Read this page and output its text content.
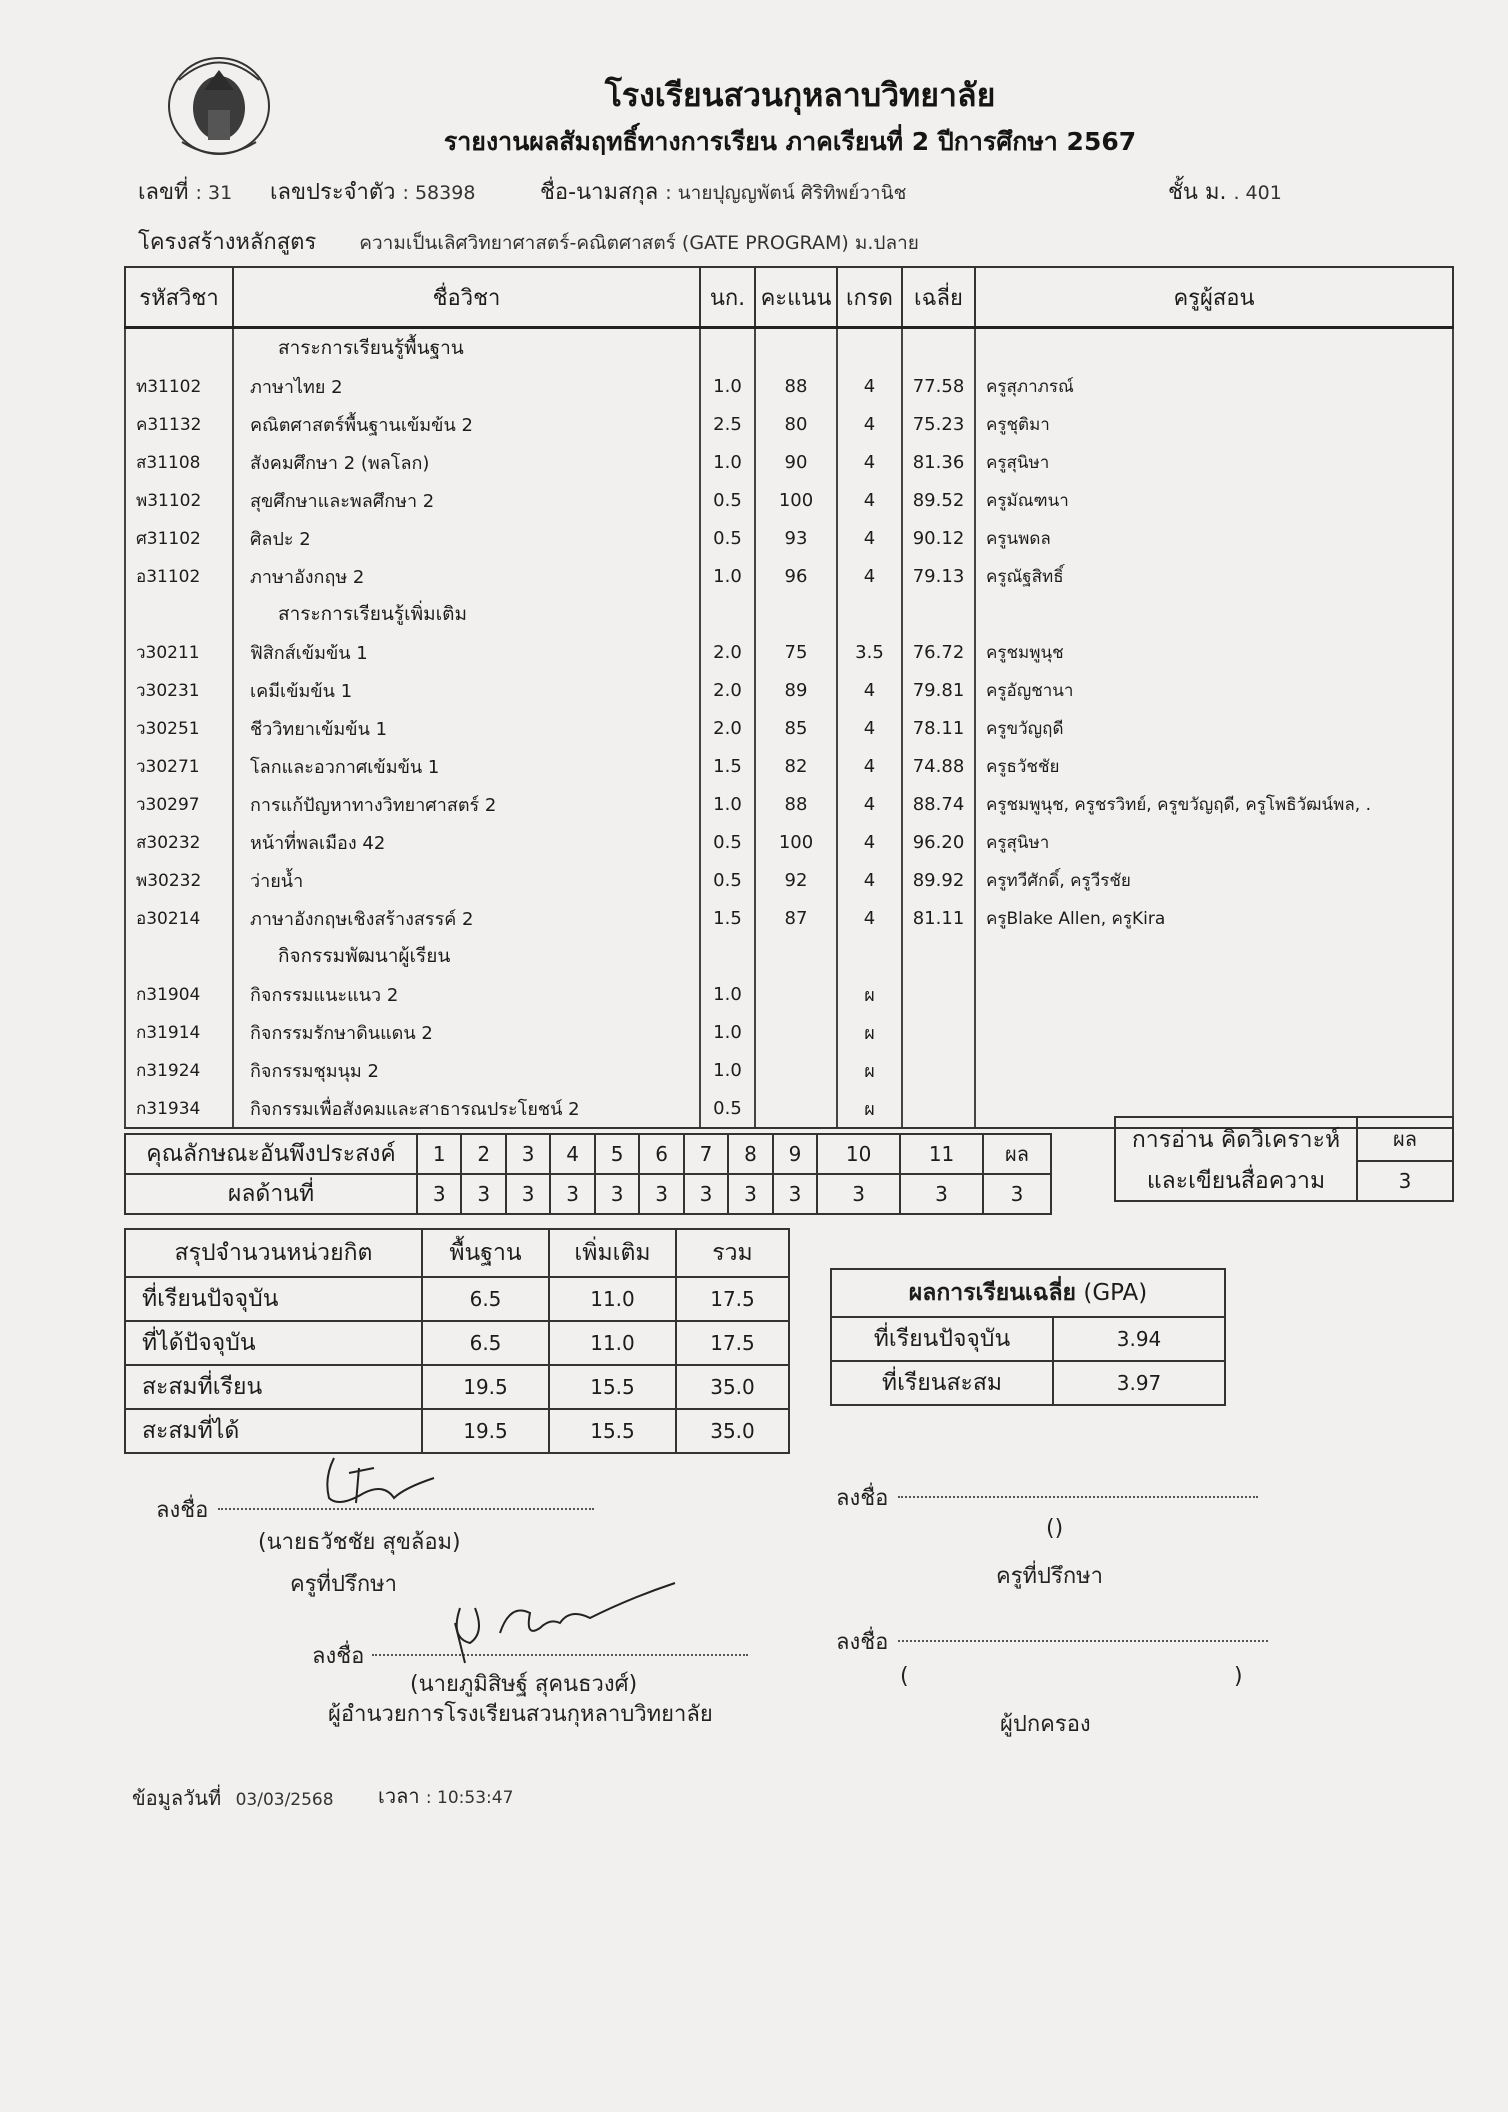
โรงเรียนสวนกุหลาบวิทยาลัย
รายงานผลสัมฤทธิ์ทางการเรียน ภาคเรียนที่ 2 ปีการศึกษา 2567
เลขที่ : 31 เลขประจำตัว : 58398	ชื่อ-นามสกุล : นายปุญญพัตน์ ศิริทิพย์วานิช	ชั้น ม. . 401
โครงสร้างหลักสูตร ความเป็นเลิศวิทยาศาสตร์-คณิตศาสตร์ (GATE PROGRAM) ม.ปลาย
รหัสวิชา	ชื่อวิชา	นก.	คะแนน	เกรด	เฉลี่ย	ครูผู้สอน
	สาระการเรียนรู้พื้นฐาน					
ท31102	ภาษาไทย 2	1.0	88	4	77.58	ครูสุภาภรณ์
ค31132	คณิตศาสตร์พื้นฐานเข้มข้น 2	2.5	80	4	75.23	ครูชุติมา
ส31108	สังคมศึกษา 2 (พลโลก)	1.0	90	4	81.36	ครูสุนิษา
พ31102	สุขศึกษาและพลศึกษา 2	0.5	100	4	89.52	ครูมัณฑนา
ศ31102	ศิลปะ 2	0.5	93	4	90.12	ครูนพดล
อ31102	ภาษาอังกฤษ 2	1.0	96	4	79.13	ครูณัฐสิทธิ์
	สาระการเรียนรู้เพิ่มเติม					
ว30211	ฟิสิกส์เข้มข้น 1	2.0	75	3.5	76.72	ครูชมพูนุช
ว30231	เคมีเข้มข้น 1	2.0	89	4	79.81	ครูอัญชานา
ว30251	ชีววิทยาเข้มข้น 1	2.0	85	4	78.11	ครูขวัญฤดี
ว30271	โลกและอวกาศเข้มข้น 1	1.5	82	4	74.88	ครูธวัชชัย
ว30297	การแก้ปัญหาทางวิทยาศาสตร์ 2	1.0	88	4	88.74	ครูชมพูนุช, ครูชรวิทย์, ครูขวัญฤดี, ครูโพธิวัฒน์พล, .
ส30232	หน้าที่พลเมือง 42	0.5	100	4	96.20	ครูสุนิษา
พ30232	ว่ายน้ำ	0.5	92	4	89.92	ครูทวีศักดิ์, ครูวีรชัย
อ30214	ภาษาอังกฤษเชิงสร้างสรรค์ 2	1.5	87	4	81.11	ครูBlake Allen, ครูKira
	กิจกรรมพัฒนาผู้เรียน					
ก31904	กิจกรรมแนะแนว 2	1.0		ผ		
ก31914	กิจกรรมรักษาดินแดน 2	1.0		ผ		
ก31924	กิจกรรมชุมนุม 2	1.0		ผ		
ก31934	กิจกรรมเพื่อสังคมและสาธารณประโยชน์ 2	0.5		ผ		
คุณลักษณะอันพึงประสงค์	1	2	3	4	5	6	7	8	9	10	11	ผล
ผลด้านที่	3	3	3	3	3	3	3	3	3	3	3	3
การอ่าน คิดวิเคราะห์	ผล
และเขียนสื่อความ	3
สรุปจำนวนหน่วยกิต	พื้นฐาน	เพิ่มเติม	รวม
ที่เรียนปัจจุบัน	6.5	11.0	17.5
ที่ได้ปัจจุบัน	6.5	11.0	17.5
สะสมที่เรียน	19.5	15.5	35.0
สะสมที่ได้	19.5	15.5	35.0
ผลการเรียนเฉลี่ย (GPA)	
ที่เรียนปัจจุบัน	3.94
ที่เรียนสะสม	3.97
ลงชื่อ
(นายธวัชชัย สุขล้อม)
ครูที่ปรึกษา
ลงชื่อ
()
ครูที่ปรึกษา
ลงชื่อ
(นายภูมิสิษฐ์ สุคนธวงศ์)
ผู้อำนวยการโรงเรียนสวนกุหลาบวิทยาลัย
ลงชื่อ
(	)
ผู้ปกครอง
ข้อมูลวันที่ 03/03/2568 เวลา : 10:53:47
